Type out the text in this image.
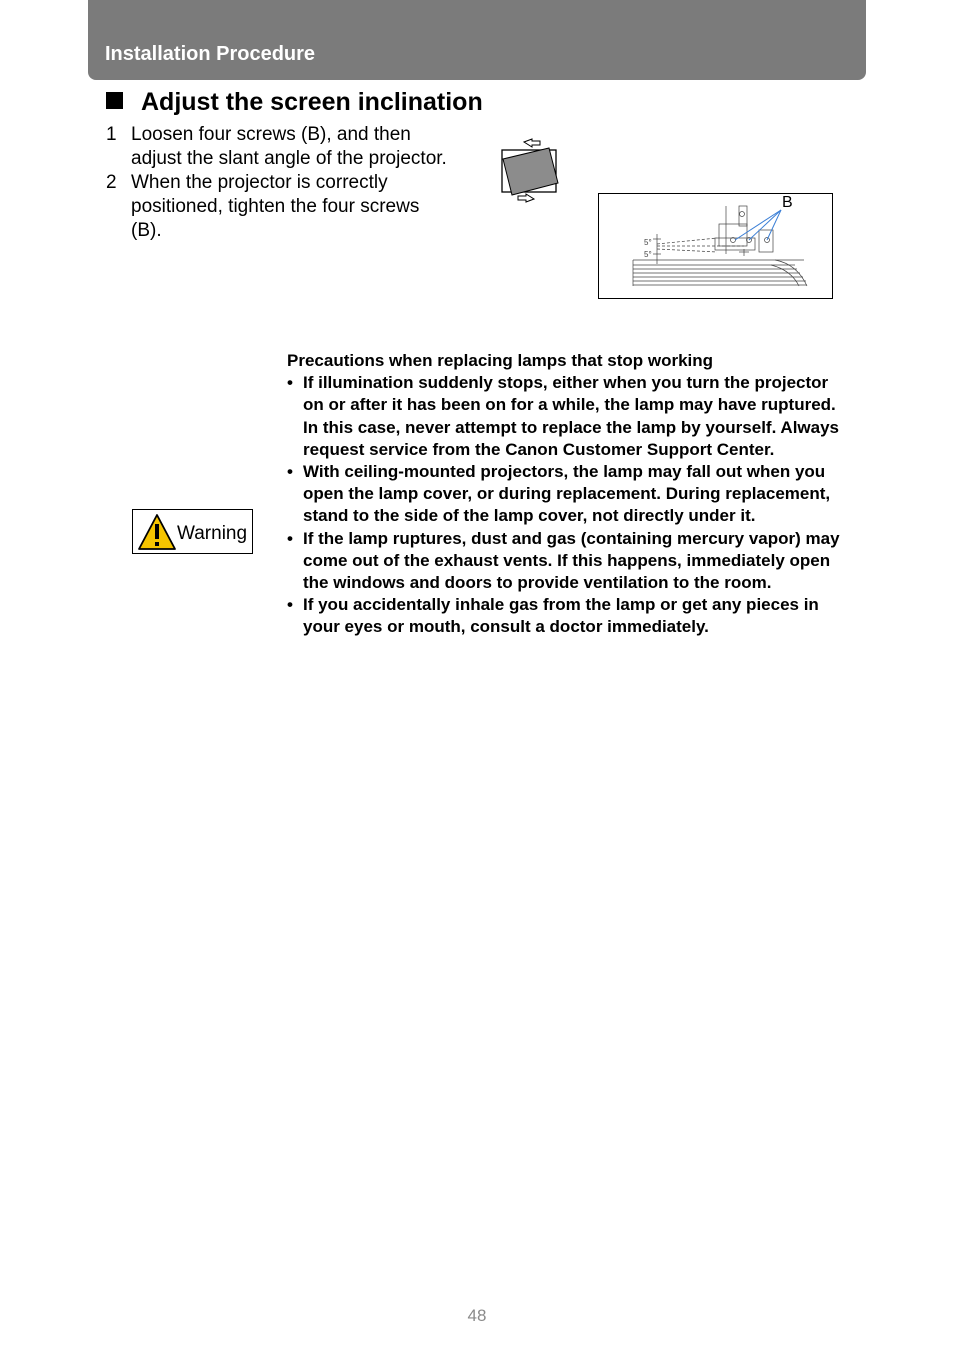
Installation Procedure
Adjust the screen inclination
1 Loosen four screws (B), and then adjust the slant angle of the projector.
2 When the projector is correctly positioned, tighten the four screws (B).
5°
5°
B
Warning
Precautions when replacing lamps that stop working
• If illumination suddenly stops, either when you turn the projector on or after it has been on for a while, the lamp may have ruptured. In this case, never attempt to replace the lamp by yourself. Always request service from the Canon Customer Support Center.
• With ceiling-mounted projectors, the lamp may fall out when you open the lamp cover, or during replacement. During replacement, stand to the side of the lamp cover, not directly under it.
• If the lamp ruptures, dust and gas (containing mercury vapor) may come out of the exhaust vents. If this happens, immediately open the windows and doors to provide ventilation to the room.
• If you accidentally inhale gas from the lamp or get any pieces in your eyes or mouth, consult a doctor immediately.
48
